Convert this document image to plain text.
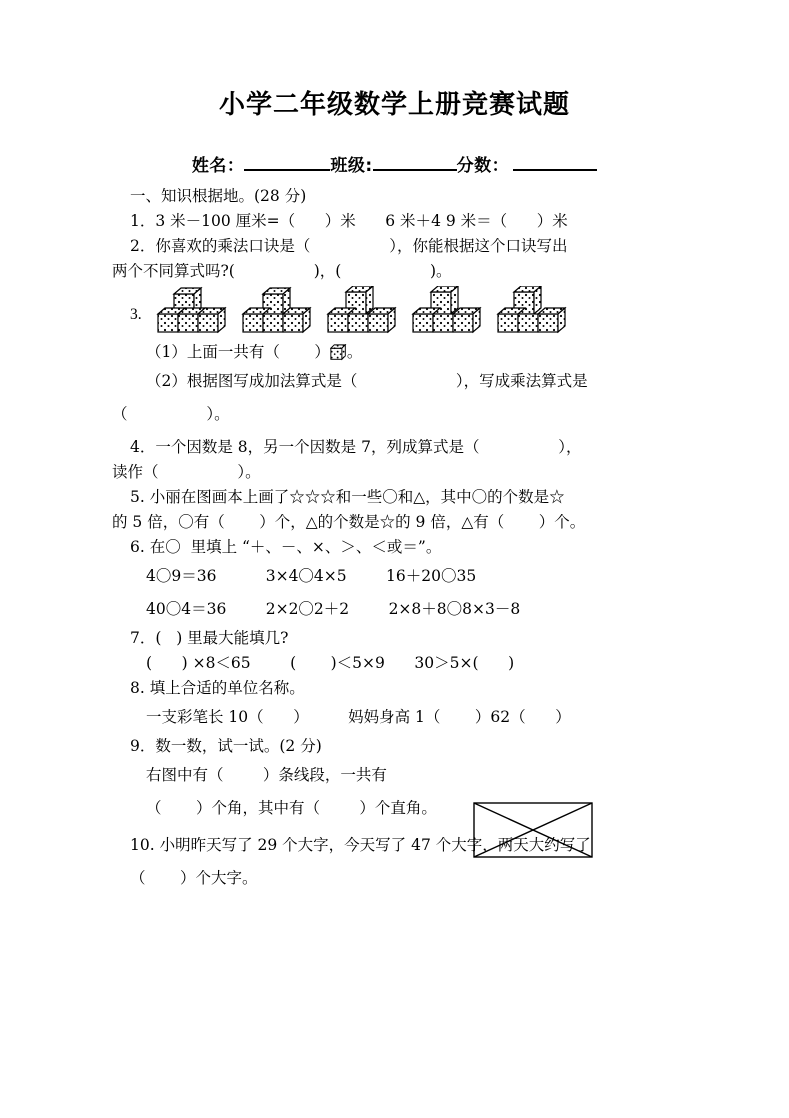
小学二年级数学上册竞赛试题
姓名：	班级:	分数：

一、知识根据地。(28 分)

1．3 米－100 厘米=（      ）米      6 米＋4 9 米＝（      ）米

2．你喜欢的乘法口诀是（                ），你能根据这个口诀写出

两个不同算式吗?(                )，(                  )。

3.

（1）上面一共有（       ） 。

（2）根据图写成加法算式是（                    ），写成乘法算式是

（                ）。

4．一个因数是 8，另一个因数是 7，列成算式是（                ），

读作（                ）。

5. 小丽在图画本上画了☆☆☆和一些〇和△，其中〇的个数是☆

的 5 倍，〇有（       ）个，△的个数是☆的 9 倍，△有（       ）个。

6. 在〇  里填上 “＋、－、×、＞、＜或＝”。

4〇9＝36          3×4〇4×5        16＋20〇35

40〇4＝36        2×2〇2＋2        2×8＋8〇8×3－8

7．(   ) 里最大能填几?

(      ) ×8＜65        (       )＜5×9      30＞5×(      )

8. 填上合适的单位名称。

一支彩笔长 10（      ）        妈妈身高 1（       ）62（      ）

9．数一数，试一试。(2 分)

右图中有（        ）条线段，一共有

（       ）个角，其中有（        ）个直角。

10. 小明昨天写了 29 个大字，今天写了 47 个大字，两天大约写了

（       ）个大字。
